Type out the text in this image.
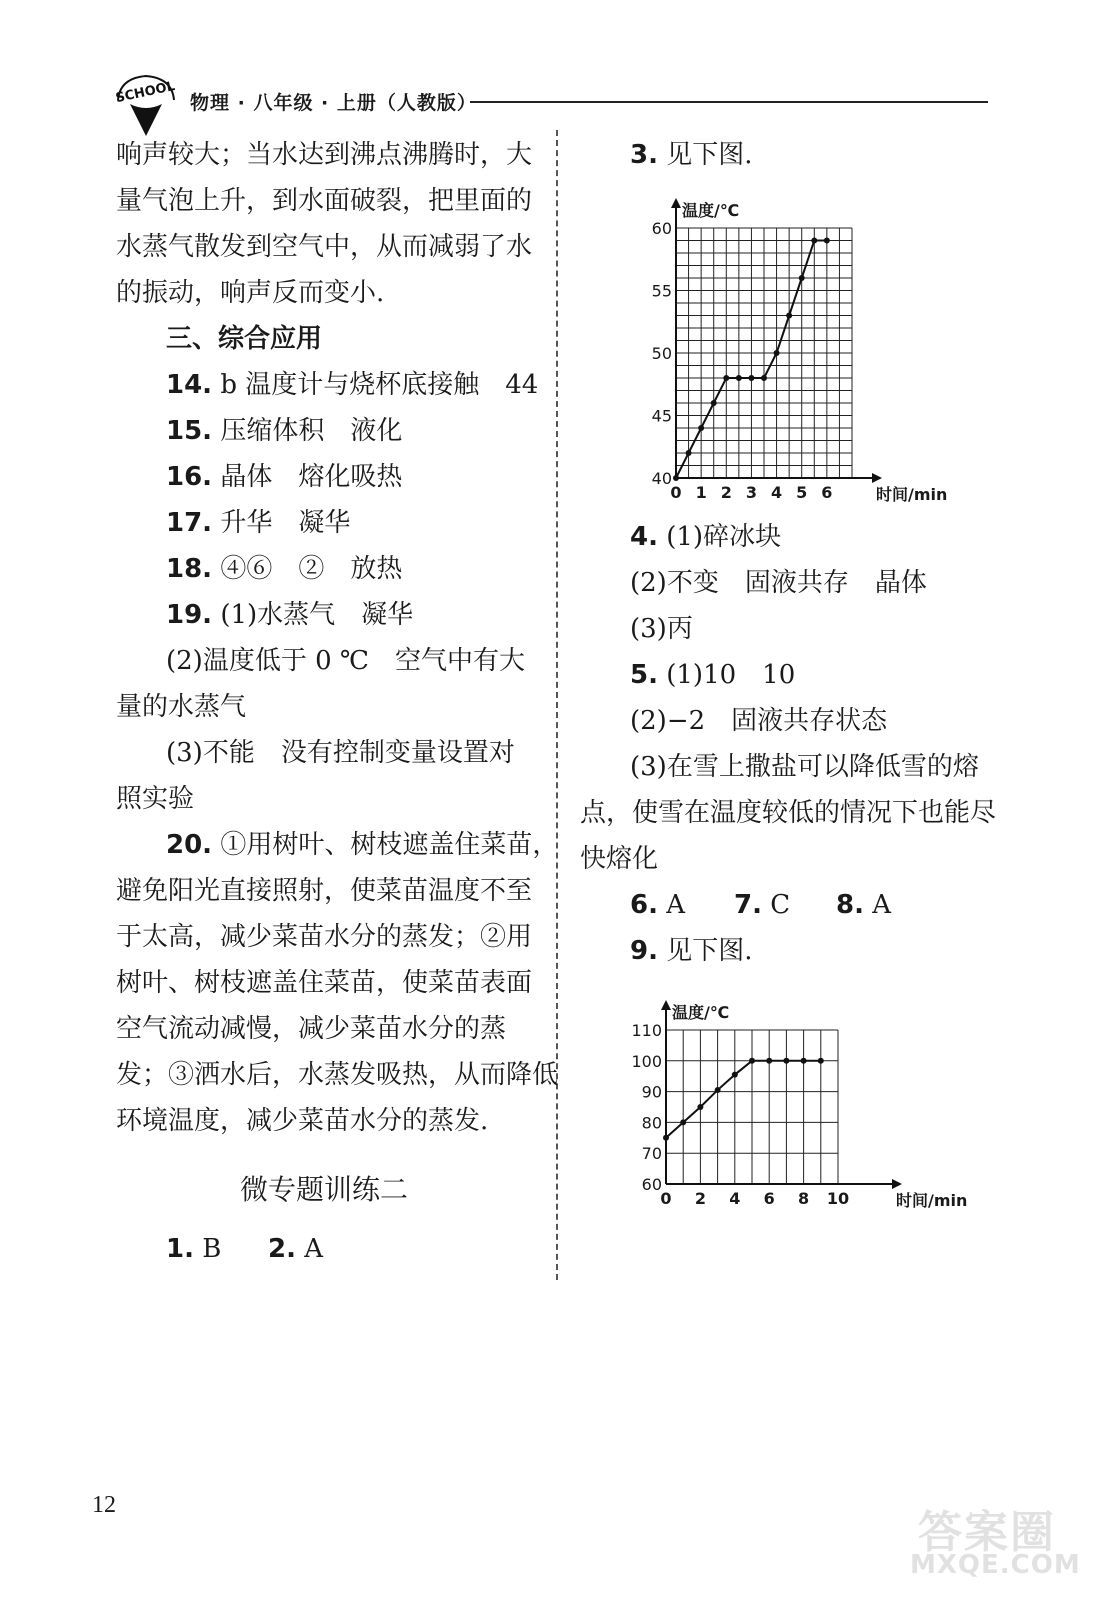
SCHOOL 物理 · 八年级 · 上册（人教版）
响声较大；当水达到沸点沸腾时，大
量气泡上升，到水面破裂，把里面的
水蒸气散发到空气中，从而减弱了水
的振动，响声反而变小.
三、综合应用
14. b 温度计与烧杯底接触　44
15. 压缩体积　液化
16. 晶体　熔化吸热
17. 升华　凝华
18. ④⑥　②　放热
19. (1)水蒸气　凝华
(2)温度低于 0 ℃　空气中有大
量的水蒸气
(3)不能　没有控制变量设置对
照实验
20. ①用树叶、树枝遮盖住菜苗，
避免阳光直接照射，使菜苗温度不至
于太高，减少菜苗水分的蒸发；②用
树叶、树枝遮盖住菜苗，使菜苗表面
空气流动减慢，减少菜苗水分的蒸
发；③洒水后，水蒸发吸热，从而降低
环境温度，减少菜苗水分的蒸发.
微专题训练二
1. B 2. A
3. 见下图.
40
45
50
55
60
0 1 2 3 4 5 6
温度/℃
时间/min
4. (1)碎冰块
(2)不变　固液共存　晶体
(3)丙
5. (1)10　10
(2)−2　固液共存状态
(3)在雪上撒盐可以降低雪的熔
点，使雪在温度较低的情况下也能尽
快熔化
6. A 7. C 8. A
9. 见下图.
60
70
80
90
100
110
0 2 4 6 8 10
温度/℃
时间/min
12
答案圈
MXQE.COM
